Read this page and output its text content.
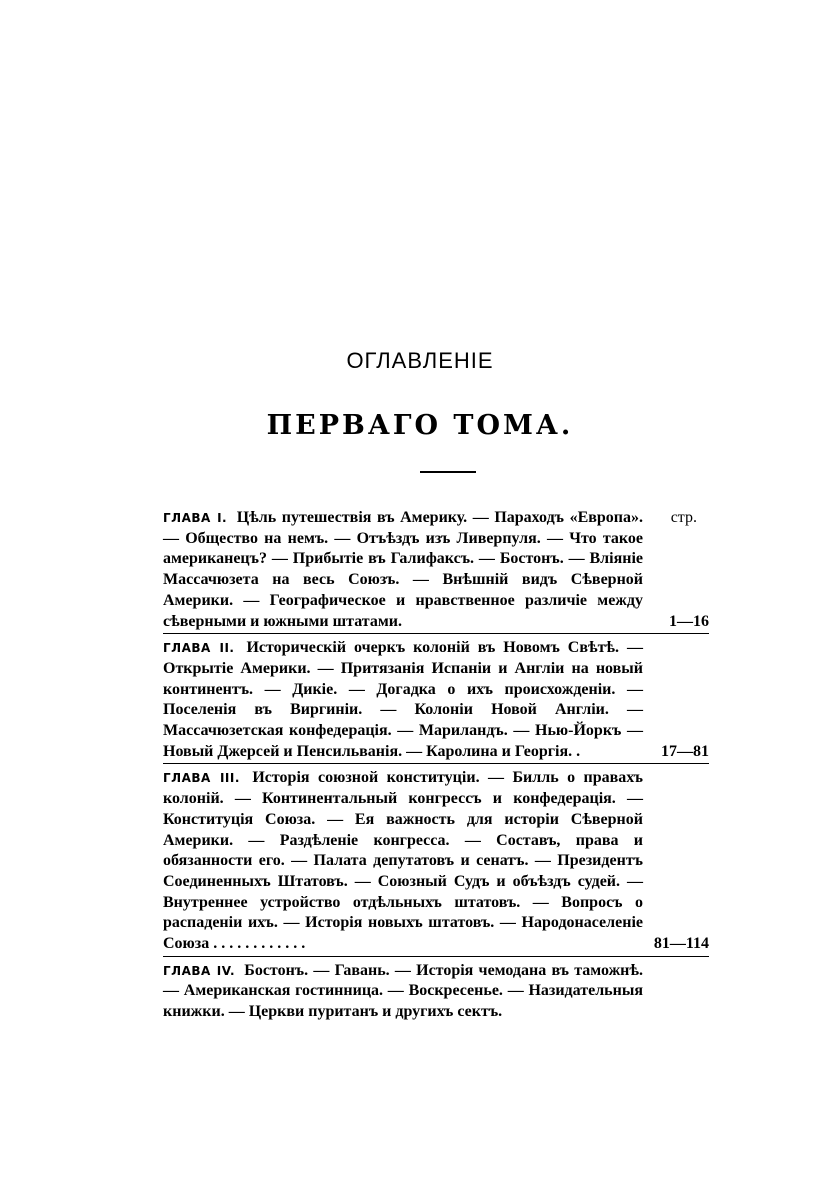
ОГЛАВЛЕНІЕ
ПЕРВАГО ТОМА.
ГЛАВА I. Цѣль путешествія въ Америку. — Параходъ «Европа». — Общество на немъ. — Отъѣздъ изъ Ливерпуля. — Что такое американецъ? — Прибытіе въ Галифаксъ. — Бостонъ. — Вліяніе Массачюзета на весь Союзъ. — Внѣшній видъ Сѣверной Америки. — Географическое и нравственное различіе между сѣверными и южными штатами.
стр.
1—16
ГЛАВА II. Историческій очеркъ колоній въ Новомъ Свѣтѣ. — Открытіе Америки. — Притязанія Испаніи и Англіи на новый континентъ. — Дикіе. — Догадка о ихъ происхожденіи. — Поселенія въ Виргиніи. — Колоніи Новой Англіи. — Массачюзетская конфедерація. — Мариландъ. — Нью-Йоркъ — Новый Джерсей и Пенсильванія. — Каролина и Георгія. .	17—81
ГЛАВА III. Исторія союзной конституціи. — Билль о правахъ колоній. — Континентальный конгрессъ и конфедерація. — Конституція Союза. — Ея важность для исторіи Сѣверной Америки. — Раздѣленіе конгресса. — Составъ, права и обязанности его. — Палата депутатовъ и сенатъ. — Президентъ Соединенныхъ Штатовъ. — Союзный Судъ и объѣздъ судей. — Внутреннее устройство отдѣльныхъ штатовъ. — Вопросъ о распаденіи ихъ. — Исторія новыхъ штатовъ. — Народонаселеніе Союза . . . . . . . . . . . .	81—114
ГЛАВА IV. Бостонъ. — Гавань. — Исторія чемодана въ таможнѣ. — Американская гостинница. — Воскресенье. — Назидательныя книжки. — Церкви пуританъ и другихъ сектъ.
